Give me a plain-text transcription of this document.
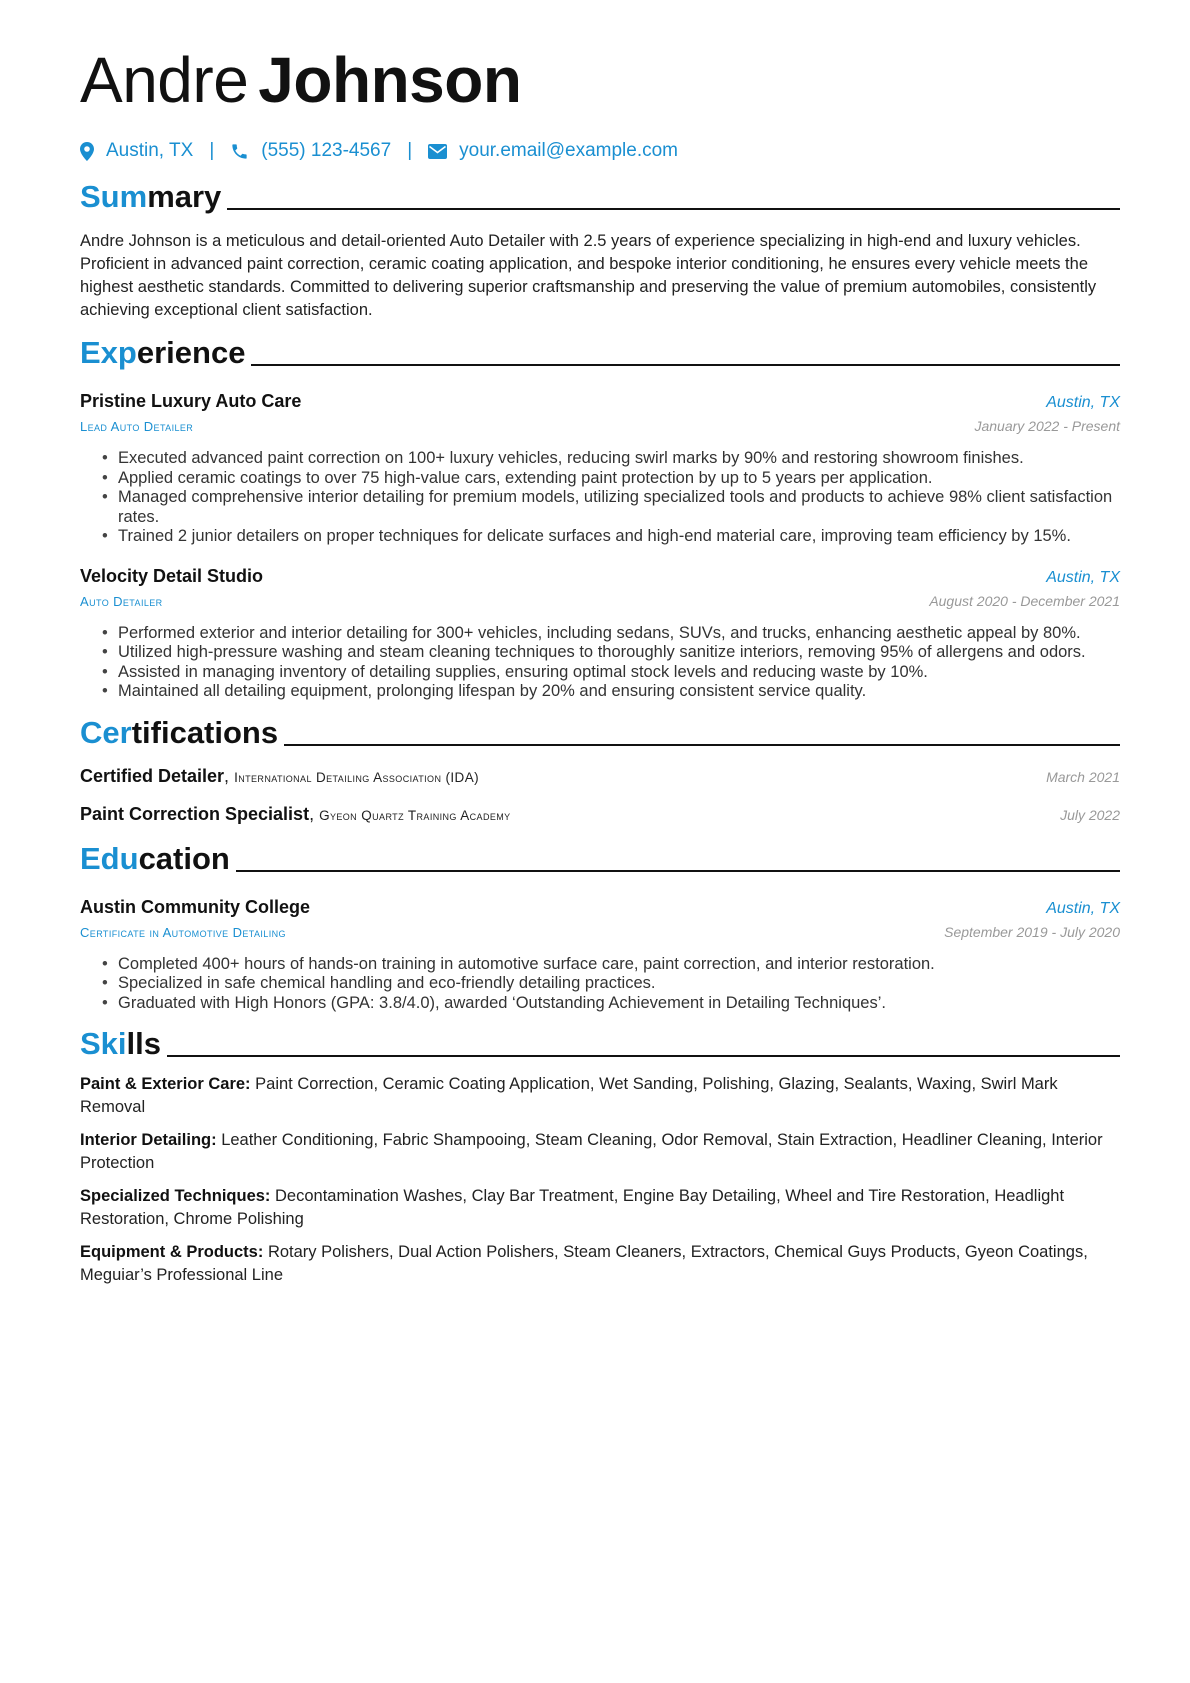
Andre Johnson
Austin, TX | (555) 123-4567 | your.email@example.com
Summary
Andre Johnson is a meticulous and detail-oriented Auto Detailer with 2.5 years of experience specializing in high-end and luxury vehicles. Proficient in advanced paint correction, ceramic coating application, and bespoke interior conditioning, he ensures every vehicle meets the highest aesthetic standards. Committed to delivering superior craftsmanship and preserving the value of premium automobiles, consistently achieving exceptional client satisfaction.
Experience
Pristine Luxury Auto Care	Austin, TX
Lead Auto Detailer	January 2022 - Present
• Executed advanced paint correction on 100+ luxury vehicles, reducing swirl marks by 90% and restoring showroom finishes.
• Applied ceramic coatings to over 75 high-value cars, extending paint protection by up to 5 years per application.
• Managed comprehensive interior detailing for premium models, utilizing specialized tools and products to achieve 98% client satisfaction rates.
• Trained 2 junior detailers on proper techniques for delicate surfaces and high-end material care, improving team efficiency by 15%.
Velocity Detail Studio	Austin, TX
Auto Detailer	August 2020 - December 2021
• Performed exterior and interior detailing for 300+ vehicles, including sedans, SUVs, and trucks, enhancing aesthetic appeal by 80%.
• Utilized high-pressure washing and steam cleaning techniques to thoroughly sanitize interiors, removing 95% of allergens and odors.
• Assisted in managing inventory of detailing supplies, ensuring optimal stock levels and reducing waste by 10%.
• Maintained all detailing equipment, prolonging lifespan by 20% and ensuring consistent service quality.
Certifications
Certified Detailer, International Detailing Association (IDA)	March 2021
Paint Correction Specialist, Gyeon Quartz Training Academy	July 2022
Education
Austin Community College	Austin, TX
Certificate in Automotive Detailing	September 2019 - July 2020
• Completed 400+ hours of hands-on training in automotive surface care, paint correction, and interior restoration.
• Specialized in safe chemical handling and eco-friendly detailing practices.
• Graduated with High Honors (GPA: 3.8/4.0), awarded ‘Outstanding Achievement in Detailing Techniques’.
Skills
Paint & Exterior Care: Paint Correction, Ceramic Coating Application, Wet Sanding, Polishing, Glazing, Sealants, Waxing, Swirl Mark Removal
Interior Detailing: Leather Conditioning, Fabric Shampooing, Steam Cleaning, Odor Removal, Stain Extraction, Headliner Cleaning, Interior Protection
Specialized Techniques: Decontamination Washes, Clay Bar Treatment, Engine Bay Detailing, Wheel and Tire Restoration, Headlight Restoration, Chrome Polishing
Equipment & Products: Rotary Polishers, Dual Action Polishers, Steam Cleaners, Extractors, Chemical Guys Products, Gyeon Coatings, Meguiar’s Professional Line
